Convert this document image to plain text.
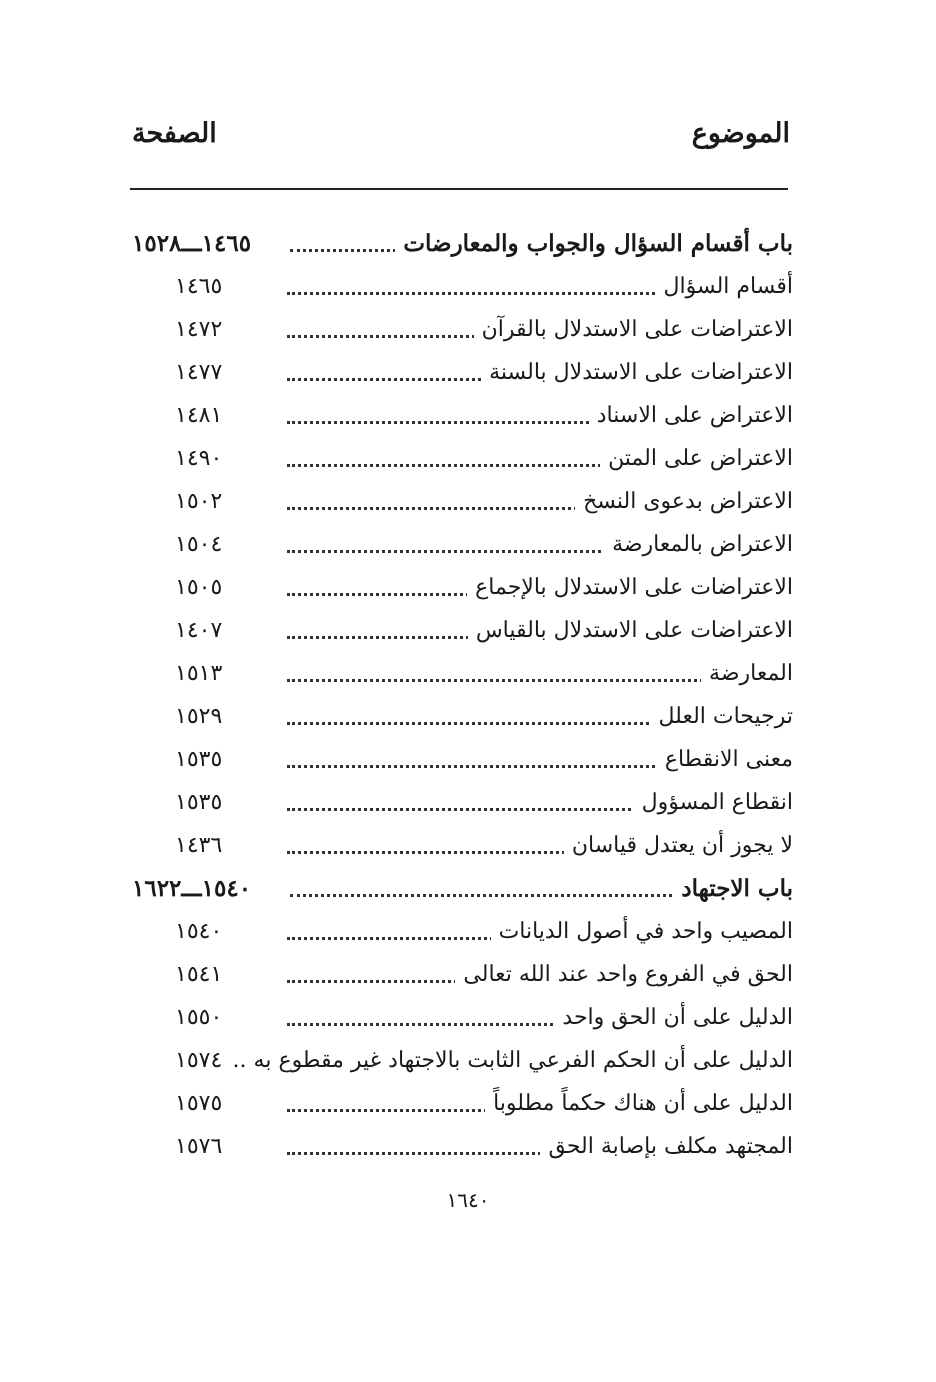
الموضوع
الصفحة
باب أقسام السؤال والجواب والمعارضات
١٤٦٥ـــ١٥٢٨
أقسام السؤال
١٤٦٥
الاعتراضات على الاستدلال بالقرآن
١٤٧٢
الاعتراضات على الاستدلال بالسنة
١٤٧٧
الاعتراض على الاسناد
١٤٨١
الاعتراض على المتن
١٤٩٠
الاعتراض بدعوى النسخ
١٥٠٢
الاعتراض بالمعارضة
١٥٠٤
الاعتراضات على الاستدلال بالإجماع
١٥٠٥
الاعتراضات على الاستدلال بالقياس
١٤٠٧
المعارضة
١٥١٣
ترجيحات العلل
١٥٢٩
معنى الانقطاع
١٥٣٥
انقطاع المسؤول
١٥٣٥
لا يجوز أن يعتدل قياسان
١٤٣٦
باب الاجتهاد
١٥٤٠ـــ١٦٢٢
المصيب واحد في أصول الديانات
١٥٤٠
الحق في الفروع واحد عند الله تعالى
١٥٤١
الدليل على أن الحق واحد
١٥٥٠
الدليل على أن الحكم الفرعي الثابت بالاجتهاد غير مقطوع به ..
١٥٧٤
الدليل على أن هناك حكماً مطلوباً
١٥٧٥
المجتهد مكلف بإصابة الحق
١٥٧٦
١٦٤٠
